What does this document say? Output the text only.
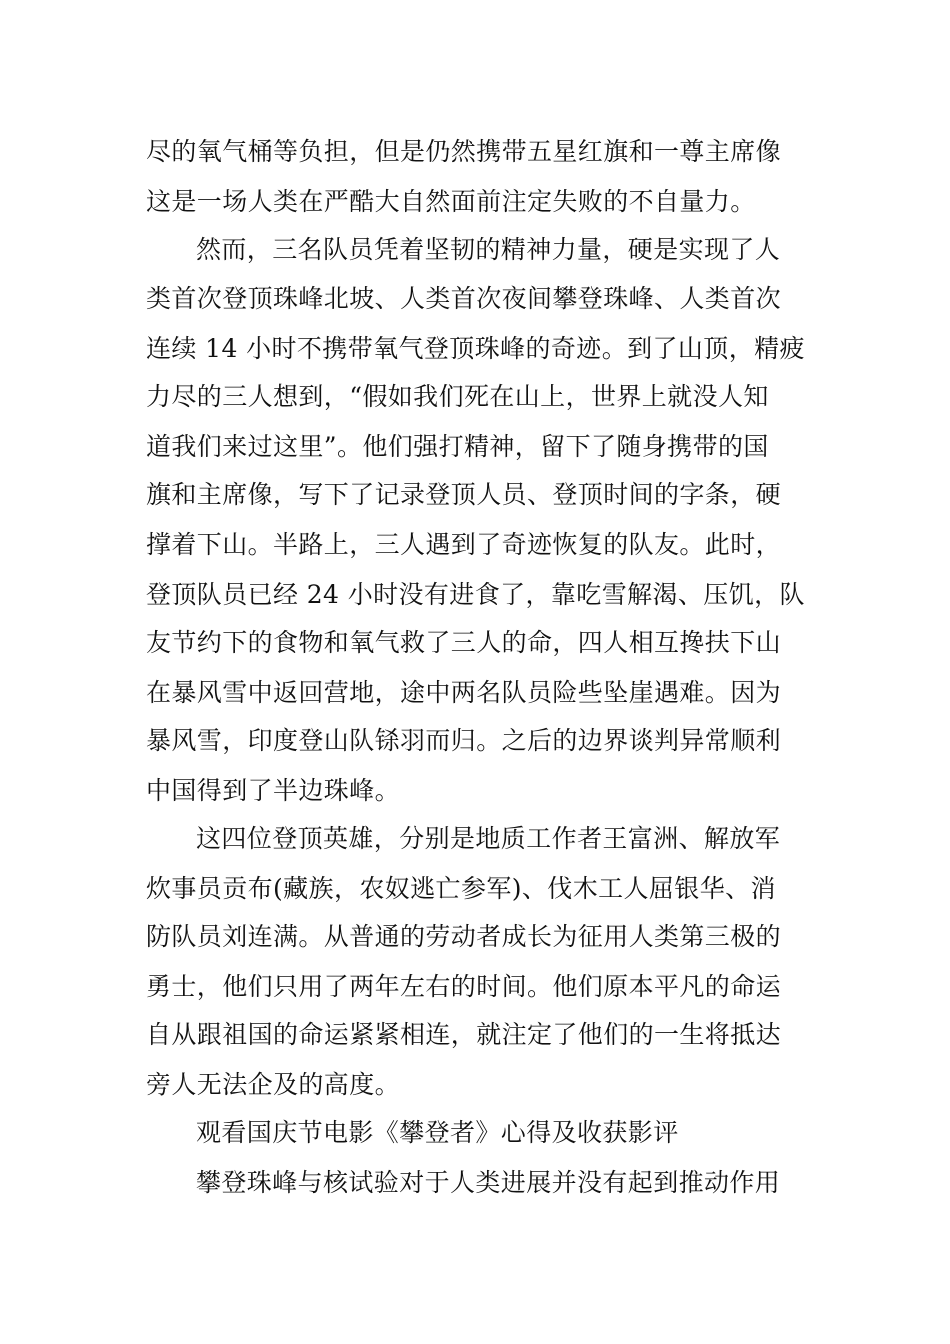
尽的氧气桶等负担，但是仍然携带五星红旗和一尊主席像
这是一场人类在严酷大自然面前注定失败的不自量力。
然而，三名队员凭着坚韧的精神力量，硬是实现了人
类首次登顶珠峰北坡、人类首次夜间攀登珠峰、人类首次
连续 14 小时不携带氧气登顶珠峰的奇迹。到了山顶，精疲
力尽的三人想到，“假如我们死在山上，世界上就没人知
道我们来过这里”。他们强打精神，留下了随身携带的国
旗和主席像，写下了记录登顶人员、登顶时间的字条，硬
撑着下山。半路上，三人遇到了奇迹恢复的队友。此时，
登顶队员已经 24 小时没有进食了，靠吃雪解渴、压饥，队
友节约下的食物和氧气救了三人的命，四人相互搀扶下山
在暴风雪中返回营地，途中两名队员险些坠崖遇难。因为
暴风雪，印度登山队铩羽而归。之后的边界谈判异常顺利
中国得到了半边珠峰。
这四位登顶英雄，分别是地质工作者王富洲、解放军
炊事员贡布(藏族，农奴逃亡参军)、伐木工人屈银华、消
防队员刘连满。从普通的劳动者成长为征用人类第三极的
勇士，他们只用了两年左右的时间。他们原本平凡的命运
自从跟祖国的命运紧紧相连，就注定了他们的一生将抵达
旁人无法企及的高度。
观看国庆节电影《攀登者》心得及收获影评
攀登珠峰与核试验对于人类进展并没有起到推动作用
